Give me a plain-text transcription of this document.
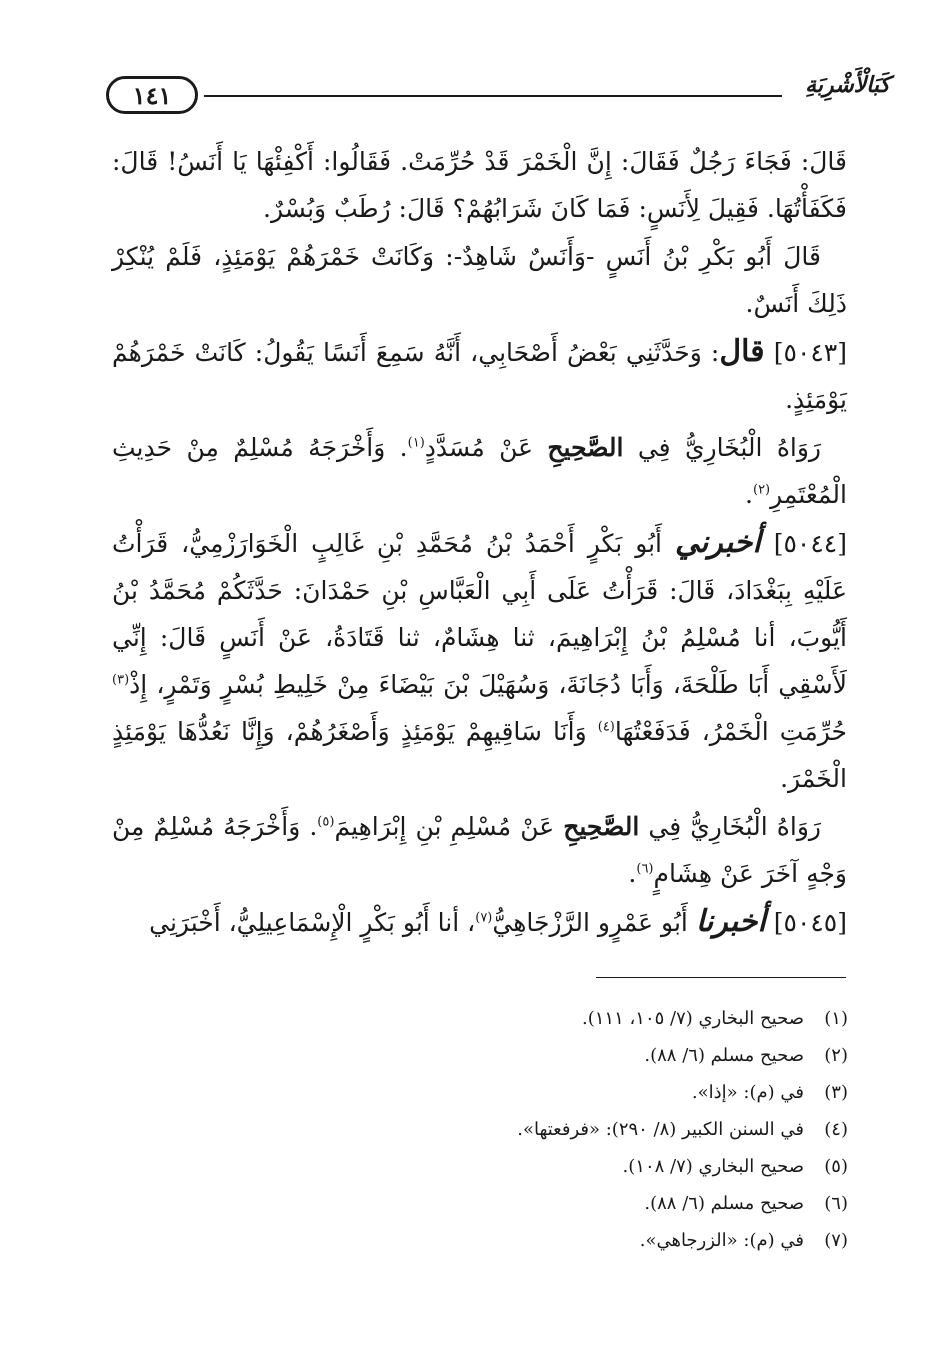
١٤١	كَبَالْأَشْرِبَةِ

قَالَ: فَجَاءَ رَجُلٌ فَقَالَ: إِنَّ الْخَمْرَ قَدْ حُرِّمَتْ. فَقَالُوا: أَكْفِئْهَا يَا أَنَسُ! قَالَ: فَكَفَأْتُهَا. فَقِيلَ لِأَنَسٍ: فَمَا كَانَ شَرَابُهُمْ؟ قَالَ: رُطَبٌ وَبُسْرٌ.

قَالَ أَبُو بَكْرِ بْنُ أَنَسٍ -وَأَنَسٌ شَاهِدٌ-: وَكَانَتْ خَمْرَهُمْ يَوْمَئِذٍ، فَلَمْ يُنْكِرْ ذَلِكَ أَنَسٌ.

[٥٠٤٣] قال: وَحَدَّثَنِي بَعْضُ أَصْحَابِي، أَنَّهُ سَمِعَ أَنَسًا يَقُولُ: كَانَتْ خَمْرَهُمْ يَوْمَئِذٍ.

رَوَاهُ الْبُخَارِيُّ فِي الصَّحِيحِ عَنْ مُسَدَّدٍ$^{(١)}$. وَأَخْرَجَهُ مُسْلِمٌ مِنْ حَدِيثِ الْمُعْتَمِرِ$^{(٢)}$.

[٥٠٤٤] أخبرني أَبُو بَكْرٍ أَحْمَدُ بْنُ مُحَمَّدِ بْنِ غَالِبٍ الْخَوَارَزْمِيُّ، قَرَأْتُ عَلَيْهِ بِبَغْدَادَ، قَالَ: قَرَأْتُ عَلَى أَبِي الْعَبَّاسِ بْنِ حَمْدَانَ: حَدَّثَكُمْ مُحَمَّدُ بْنُ أَيُّوبَ، أنا مُسْلِمُ بْنُ إِبْرَاهِيمَ، ثنا هِشَامٌ، ثنا قَتَادَةُ، عَنْ أَنَسٍ قَالَ: إِنِّي لَأَسْقِي أَبَا طَلْحَةَ، وَأَبَا دُجَانَةَ، وَسُهَيْلَ بْنَ بَيْضَاءَ مِنْ خَلِيطِ بُسْرٍ وَتَمْرٍ، إِذْ$^{(٣)}$ حُرِّمَتِ الْخَمْرُ، فَدَفَعْتُهَا$^{(٤)}$ وَأَنَا سَاقِيهِمْ يَوْمَئِذٍ وَأَصْغَرُهُمْ، وَإِنَّا نَعُدُّهَا يَوْمَئِذٍ الْخَمْرَ.

رَوَاهُ الْبُخَارِيُّ فِي الصَّحِيحِ عَنْ مُسْلِمِ بْنِ إِبْرَاهِيمَ$^{(٥)}$. وَأَخْرَجَهُ مُسْلِمٌ مِنْ وَجْهٍ آخَرَ عَنْ هِشَامٍ$^{(٦)}$.

[٥٠٤٥] أخبرنا أَبُو عَمْرٍو الرَّزْجَاهِيُّ$^{(٧)}$، أنا أَبُو بَكْرٍ الْإِسْمَاعِيلِيُّ، أَخْبَرَنِي

(١)
صحيح البخاري (٧/ ١٠٥، ١١١).
(٢)
صحيح مسلم (٦/ ٨٨).
(٣)
في (م): «إذا».
(٤)
في السنن الكبير (٨/ ٢٩٠): «فرفعتها».
(٥)
صحيح البخاري (٧/ ١٠٨).
(٦)
صحيح مسلم (٦/ ٨٨).
(٧)
في (م): «الزرجاهي».
